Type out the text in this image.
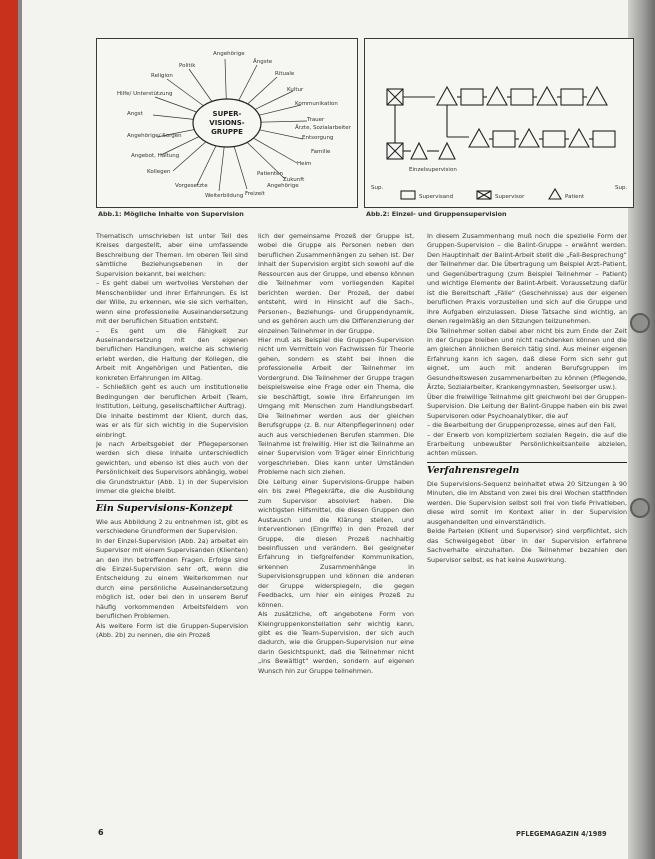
SUPER-
VISIONS-
GRUPPE
Angehörige
Politik
Ängste
Religion	Rituale
Hilfe/ Unterstützung
Kultur
Angst
Kommunikation
Angehörige/ Sorgen
Trauer
Angebot, Haltung
Entsorgung
Kollegen
Heim
Vorgesetzte
Zukunft
Weiterbildung Freizeit
Familie
Ärzte, Sozialarbeiter
Angehörige
Patienten
Abb.1: Mögliche Inhalte von Supervision
Einzelsupervision
Sup.	Sup.
Supervisand	Supervisor	Patient
Abb.2: Einzel- und Gruppensupervision

Thematisch umschrieben ist unter Teil des Kreises dargestellt, aber eine umfassende Beschreibung der Themen. Im oberen Teil sind sämtliche Beziehungsebenen in der Supervision bekannt, bei welchen:

– Es geht dabei um wertvolles Verstehen der Menschenbilder und ihrer Erfahrungen. Es ist der Wille, zu erkennen, wie sie sich verhalten, wenn eine professionelle Auseinandersetzung mit der beruflichen Situation entsteht.

– Es geht um die Fähigkeit zur Auseinandersetzung mit den eigenen beruflichen Handlungen, welche als schwierig erlebt werden, die Haltung der Kollegen, die Arbeit mit Angehörigen und Patienten, die konkreten Erfahrungen im Alltag.

– Schließlich geht es auch um institutionelle Bedingungen der beruflichen Arbeit (Team, Institution, Leitung, gesellschaftlicher Auftrag).

Die Inhalte bestimmt der Klient, durch das, was er als für sich wichtig in die Supervision einbringt.

Je nach Arbeitsgebiet der Pflegepersonen werden sich diese Inhalte unterschiedlich gewichten, und ebenso ist dies auch von der Persönlichkeit des Supervisors abhängig, wobei die Grundstruktur (Abb. 1) in der Supervision immer die gleiche bleibt.

Ein Supervisions-Konzept

Wie aus Abbildung 2 zu entnehmen ist, gibt es verschiedene Grundformen der Supervision.

In der Einzel-Supervision (Abb. 2a) arbeitet ein Supervisor mit einem Supervisanden (Klienten) an den ihn betreffenden Fragen. Erfolge sind die Einzel-Supervision sehr oft, wenn die Entscheidung zu einem Weiterkommen nur durch eine persönliche Auseinandersetzung möglich ist, oder bei den in unserem Beruf häufig vorkommenden Arbeitsfeldern von beruflichen Problemen.

Als weitere Form ist die Gruppen-Supervision (Abb. 2b) zu nennen, die ein Prozeß

lich der gemeinsame Prozeß der Gruppe ist, wobei die Gruppe als Personen neben den beruflichen Zusammenhängen zu sehen ist. Der Inhalt der Supervision ergibt sich sowohl auf die Ressourcen aus der Gruppe, und ebenso können die Teilnehmer vom vorliegenden Kapitel berichten werden. Der Prozeß, der dabei entsteht, wird in Hinsicht auf die Sach-, Personen-, Beziehungs- und Gruppendynamik, und es gehören auch um die Differenzierung der einzelnen Teilnehmer in der Gruppe.

Hier muß als Beispiel die Gruppen-Supervision nicht um Vermitteln von Fachwissen für Theorie gehen, sondern es steht bei ihnen die professionelle Arbeit der Teilnehmer im Vordergrund. Die Teilnehmer der Gruppe tragen beispielsweise eine Frage oder ein Thema, die sie beschäftigt, sowie ihre Erfahrungen im Umgang mit Menschen zum Handlungsbedarf. Die Teilnehmer werden aus der gleichen Berufsgruppe (z. B. nur Altenpflegerinnen) oder auch aus verschiedenen Berufen stammen. Die Teilnahme ist freiwillig. Hier ist die Teilnahme an einer Supervision vom Träger einer Einrichtung vorgeschrieben. Dies kann unter Umständen Probleme nach sich ziehen.

Die Leitung einer Supervisions-Gruppe haben ein bis zwei Pflegekräfte, die die Ausbildung zum Supervisor absolviert haben. Die wichtigsten Hilfsmittel, die diesen Gruppen den Austausch und die Klärung stellen, und Interventionen (Eingriffe) in den Prozeß der Gruppe, die diesen Prozeß nachhaltig beeinflussen und verändern. Bei geeigneter Erfahrung in tiefgreifender Kommunikation, erkennen Zusammenhänge in Supervisionsgruppen und können die anderen der Gruppe widerspiegeln, die gegen Feedbacks, um hier ein einiges Prozeß zu können.

Als zusätzliche, oft angebotene Form von Kleingruppenkonstellation sehr wichtig kann, gibt es die Team-Supervision, der sich auch dadurch, wie die Gruppen-Supervision nur eine darin Gesichtspunkt, daß die Teilnehmer nicht „ins Bewältigt“ werden, sondern auf eigenen Wunsch hin zur Gruppe teilnehmen.

In diesem Zusammenhang muß noch die spezielle Form der Gruppen-Supervision – die Balint-Gruppe – erwähnt werden. Den Hauptinhalt der Balint-Arbeit stellt die „Fall-Besprechung“ der Teilnehmer dar. Die Übertragung um Beispiel Arzt–Patient, und Gegenübertragung (zum Beispiel Teilnehmer – Patient) und wichtige Elemente der Balint-Arbeit. Voraussetzung dafür ist die Bereitschaft „Fälle“ (Geschehnisse) aus der eigenen beruflichen Praxis vorzustellen und sich auf die Gruppe und ihre Aufgaben einzulassen. Diese Tatsache sind wichtig, an denen regelmäßig an den Sitzungen teilzunehmen.

Die Teilnehmer sollen dabei aber nicht bis zum Ende der Zeit in der Gruppe bleiben und nicht nachdenken können und die am gleichen ähnlichen Bereich tätig sind. Aus meiner eigenen Erfahrung kann ich sagen, daß diese Form sich sehr gut eignet, um auch mit anderen Berufsgruppen im Gesundheitswesen zusammenarbeiten zu können (Pflegende, Ärzte, Sozialarbeiter, Krankengymnasten, Seelsorger usw.).

Über die freiwillige Teilnahme gilt gleichwohl bei der Gruppen-Supervision. Die Leitung der Balint-Gruppe haben ein bis zwei Supervisoren oder Psychoanalytiker, die auf

– die Bearbeitung der Gruppenprozesse, eines auf den Fall,

– der Erwerb von kompliziertem sozialen Regeln, die auf die Erarbeitung unbewußter Persönlichkeitsanteile abzielen, achten müssen.

Verfahrensregeln

Die Supervisions-Sequenz beinhaltet etwa 20 Sitzungen à 90 Minuten, die im Abstand von zwei bis drei Wochen stattfinden werden. Die Supervision selbst soll frei von tiefe Privatleben, diese wird somit im Kontext aller in der Supervision ausgehandelten und einverständlich.

Beide Parteien (Klient und Supervisor) sind verpflichtet, sich das Schweigegebot über in der Supervision erfahrene Sachverhalte einzuhalten. Die Teilnehmer bezahlen den Supervisor selbst, es hat keine Auswirkung.

6	PFLEGEMAGAZIN 4/1989
